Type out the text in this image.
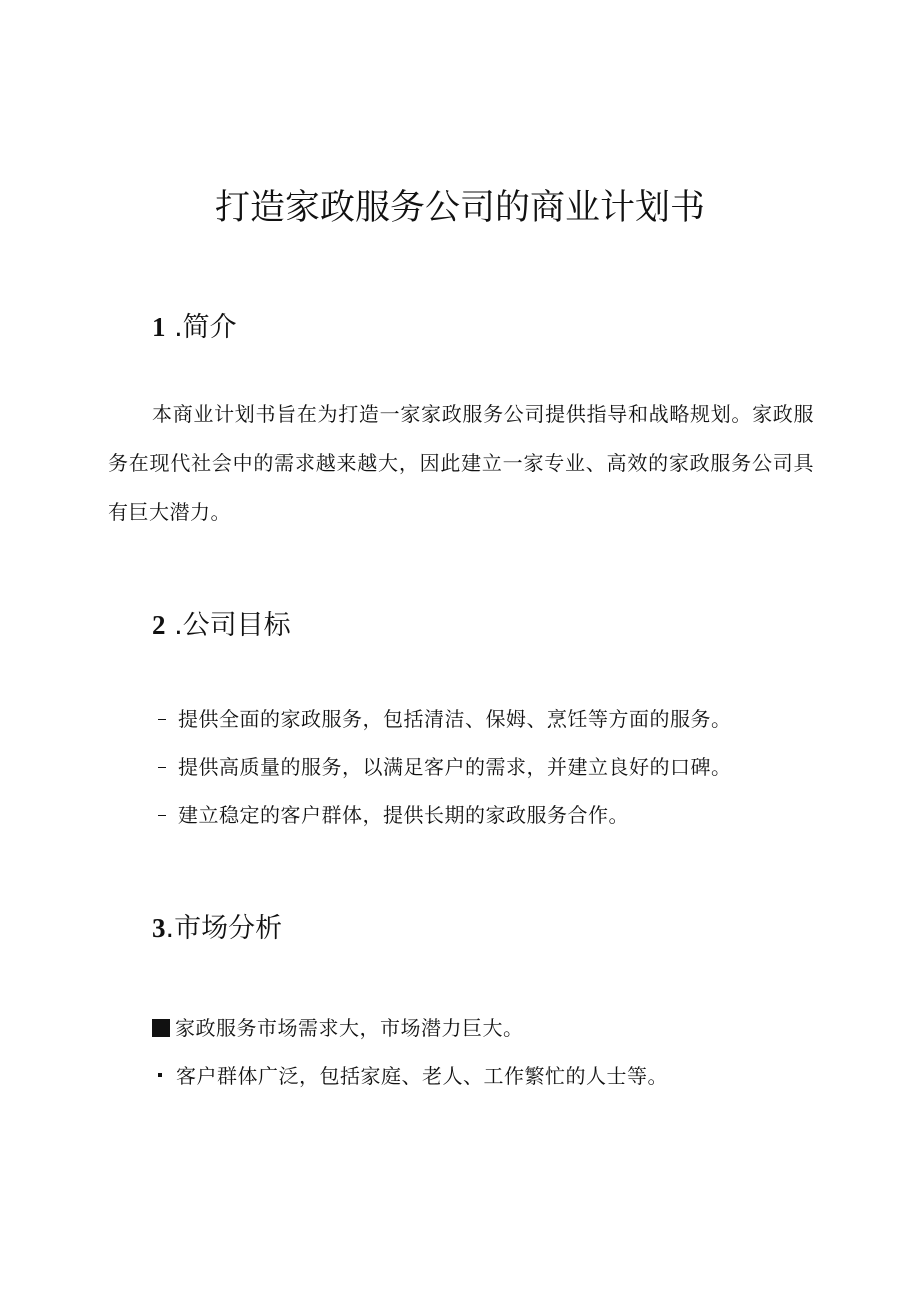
打造家政服务公司的商业计划书
1 .简介
本商业计划书旨在为打造一家家政服务公司提供指导和战略规划。家政服务在现代社会中的需求越来越大，因此建立一家专业、高效的家政服务公司具有巨大潜力。
2 .公司目标
提供全面的家政服务，包括清洁、保姆、烹饪等方面的服务。
提供高质量的服务，以满足客户的需求，并建立良好的口碑。
建立稳定的客户群体，提供长期的家政服务合作。
3.市场分析
家政服务市场需求大，市场潜力巨大。
客户群体广泛，包括家庭、老人、工作繁忙的人士等。
